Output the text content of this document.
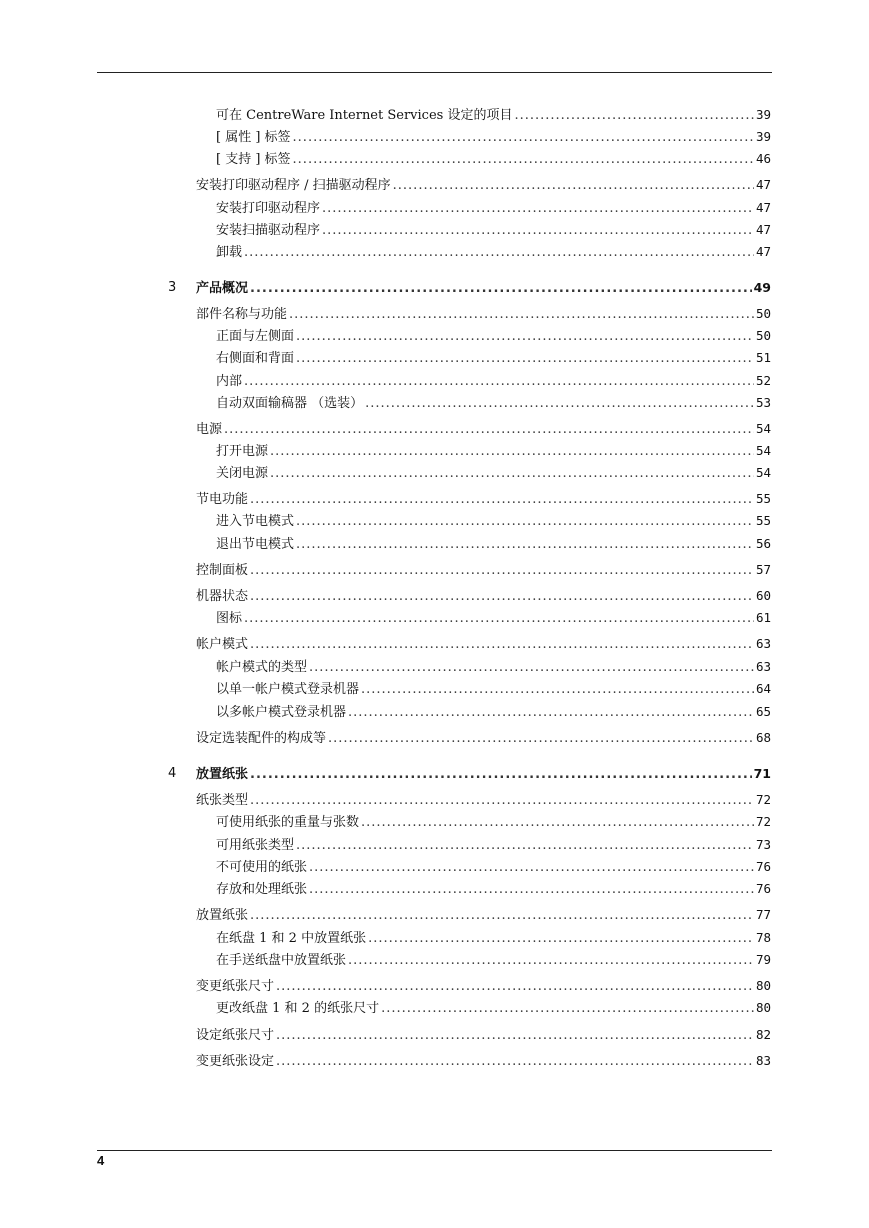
可在 CentreWare Internet Services 设定的项目 .....	39
[ 属性 ] 标签 .....	39
[ 支持 ] 标签 .....	46
安装打印驱动程序 / 扫描驱动程序 .....	47
安装打印驱动程序 .....	47
安装扫描驱动程序 .....	47
卸载 .....	47
3 产品概况 .....	49
部件名称与功能 .....	50
正面与左侧面 .....	50
右侧面和背面 .....	51
内部 .....	52
自动双面输稿器 （选装） .....	53
电源 .....	54
打开电源 .....	54
关闭电源 .....	54
节电功能 .....	55
进入节电模式 .....	55
退出节电模式 .....	56
控制面板 .....	57
机器状态 .....	60
图标 .....	61
帐户模式 .....	63
帐户模式的类型 .....	63
以单一帐户模式登录机器 .....	64
以多帐户模式登录机器 .....	65
设定选装配件的构成等 .....	68
4 放置纸张 .....	71
纸张类型 .....	72
可使用纸张的重量与张数 .....	72
可用纸张类型 .....	73
不可使用的纸张 .....	76
存放和处理纸张 .....	76
放置纸张 .....	77
在纸盘 1 和 2 中放置纸张 .....	78
在手送纸盘中放置纸张 .....	79
变更纸张尺寸 .....	80
更改纸盘 1 和 2 的纸张尺寸 .....	80
设定纸张尺寸 .....	82
变更纸张设定 .....	83
4
